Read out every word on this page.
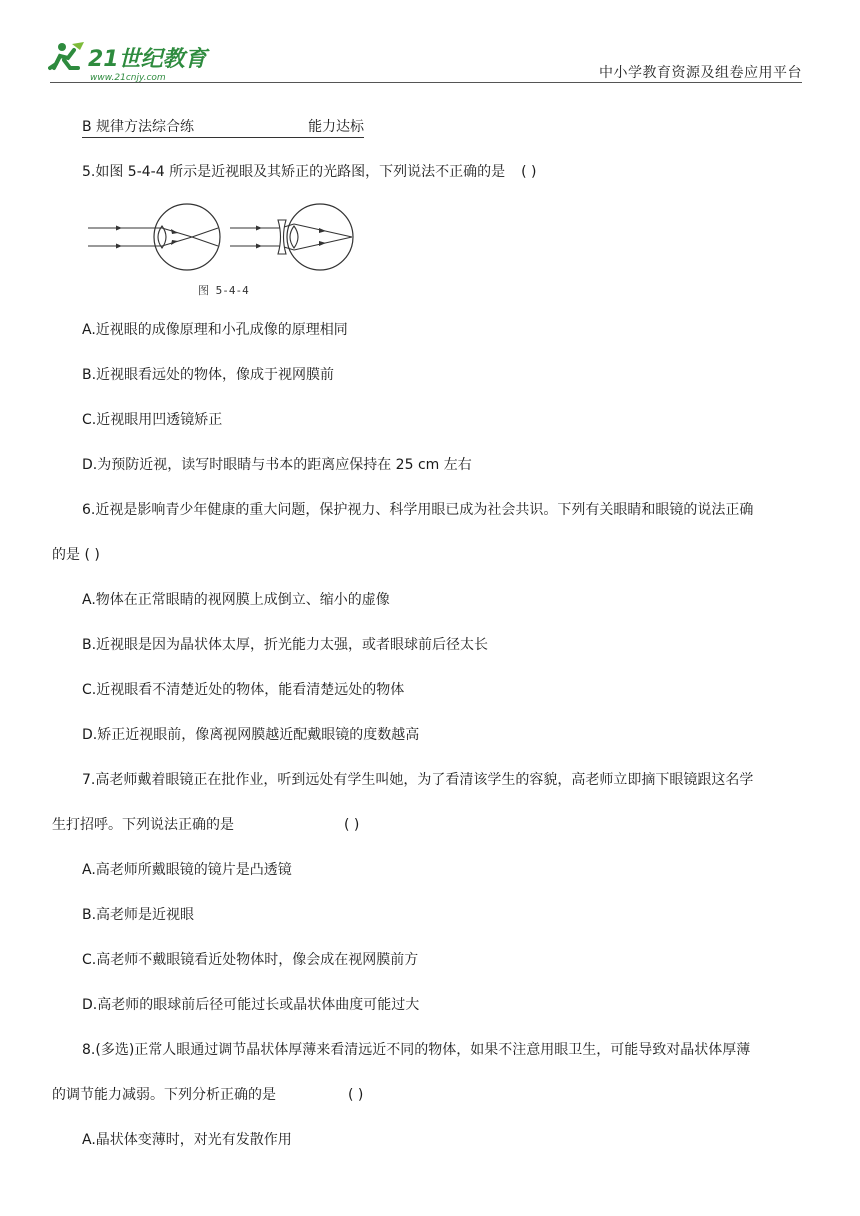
21世纪教育
www.21cnjy.com	中小学教育资源及组卷应用平台
B 规律方法综合练	能力达标
5.如图 5-4-4 所示是近视眼及其矫正的光路图，下列说法不正确的是 ( )
图 5-4-4
A.近视眼的成像原理和小孔成像的原理相同
B.近视眼看远处的物体，像成于视网膜前
C.近视眼用凹透镜矫正
D.为预防近视，读写时眼睛与书本的距离应保持在 25 cm 左右
6.近视是影响青少年健康的重大问题，保护视力、科学用眼已成为社会共识。下列有关眼睛和眼镜的说法正确
的是 ( )
A.物体在正常眼睛的视网膜上成倒立、缩小的虚像
B.近视眼是因为晶状体太厚，折光能力太强，或者眼球前后径太长
C.近视眼看不清楚近处的物体，能看清楚远处的物体
D.矫正近视眼前，像离视网膜越近配戴眼镜的度数越高
7.高老师戴着眼镜正在批作业，听到远处有学生叫她，为了看清该学生的容貌，高老师立即摘下眼镜跟这名学
生打招呼。下列说法正确的是	( )
A.高老师所戴眼镜的镜片是凸透镜
B.高老师是近视眼
C.高老师不戴眼镜看近处物体时，像会成在视网膜前方
D.高老师的眼球前后径可能过长或晶状体曲度可能过大
8.(多选)正常人眼通过调节晶状体厚薄来看清远近不同的物体，如果不注意用眼卫生，可能导致对晶状体厚薄
的调节能力减弱。下列分析正确的是	( )
A.晶状体变薄时，对光有发散作用
